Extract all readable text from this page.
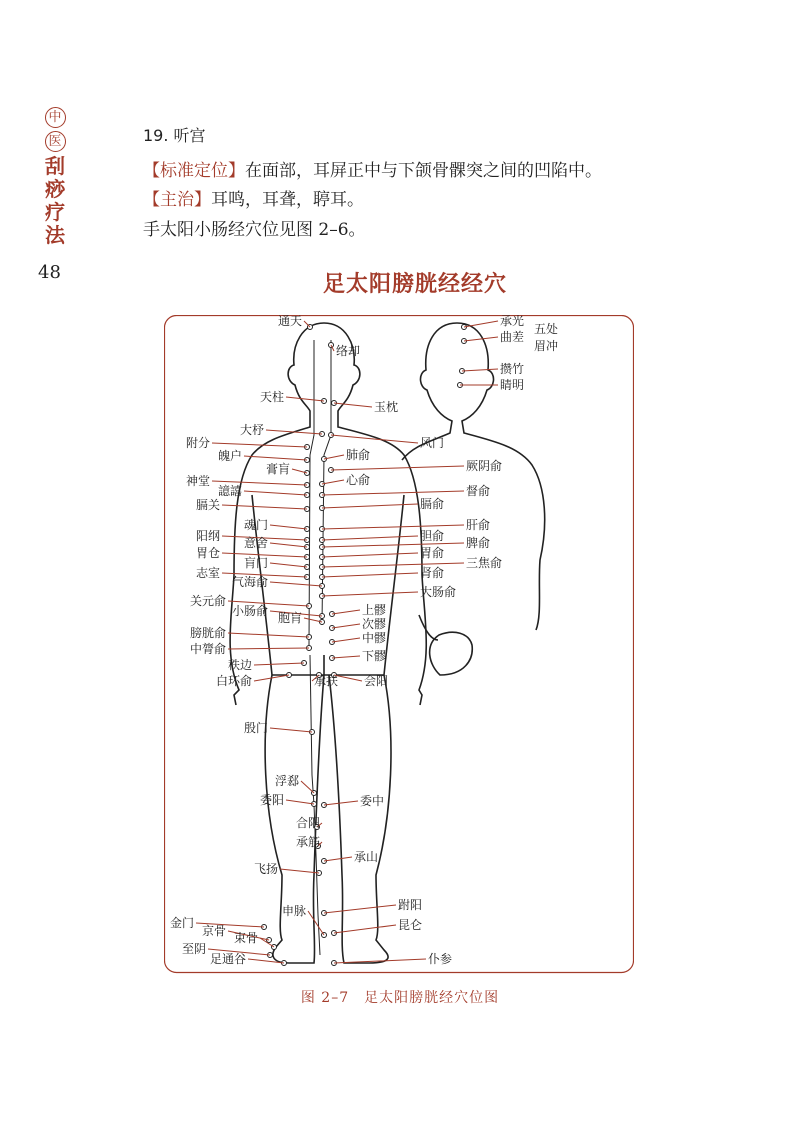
中
医
刮
痧
疗
法
48
19. 听宫
【标准定位】在面部，耳屏正中与下颌骨髁突之间的凹陷中。
【主治】耳鸣，耳聋，聤耳。
手太阳小肠经穴位见图 2–6。
足太阳膀胱经经穴
通天
天柱
大杼
附分
魄户
膏肓
神堂
譩譆
膈关
魂门
阳纲 意舍
胃仓
肓门
志室
气海俞
关元俞
小肠俞 胞肓
膀胱俞
中膂俞
秩边
白环俞
殷门
浮郄
委阳
合阳
承筋
飞扬
申脉
金门
京骨 束骨
至阴
足通谷
络却
玉枕
风门
肺俞
厥阴俞
心俞
督俞
膈俞
肝俞
胆俞 脾俞
胃俞
三焦俞
肾俞
大肠俞
上髎
次髎
中髎
下髎
承扶 会阳
委中
承山
跗阳
昆仑
仆参
承光
曲差
攒竹
睛明
五处
眉冲
图 2–7　足太阳膀胱经穴位图
